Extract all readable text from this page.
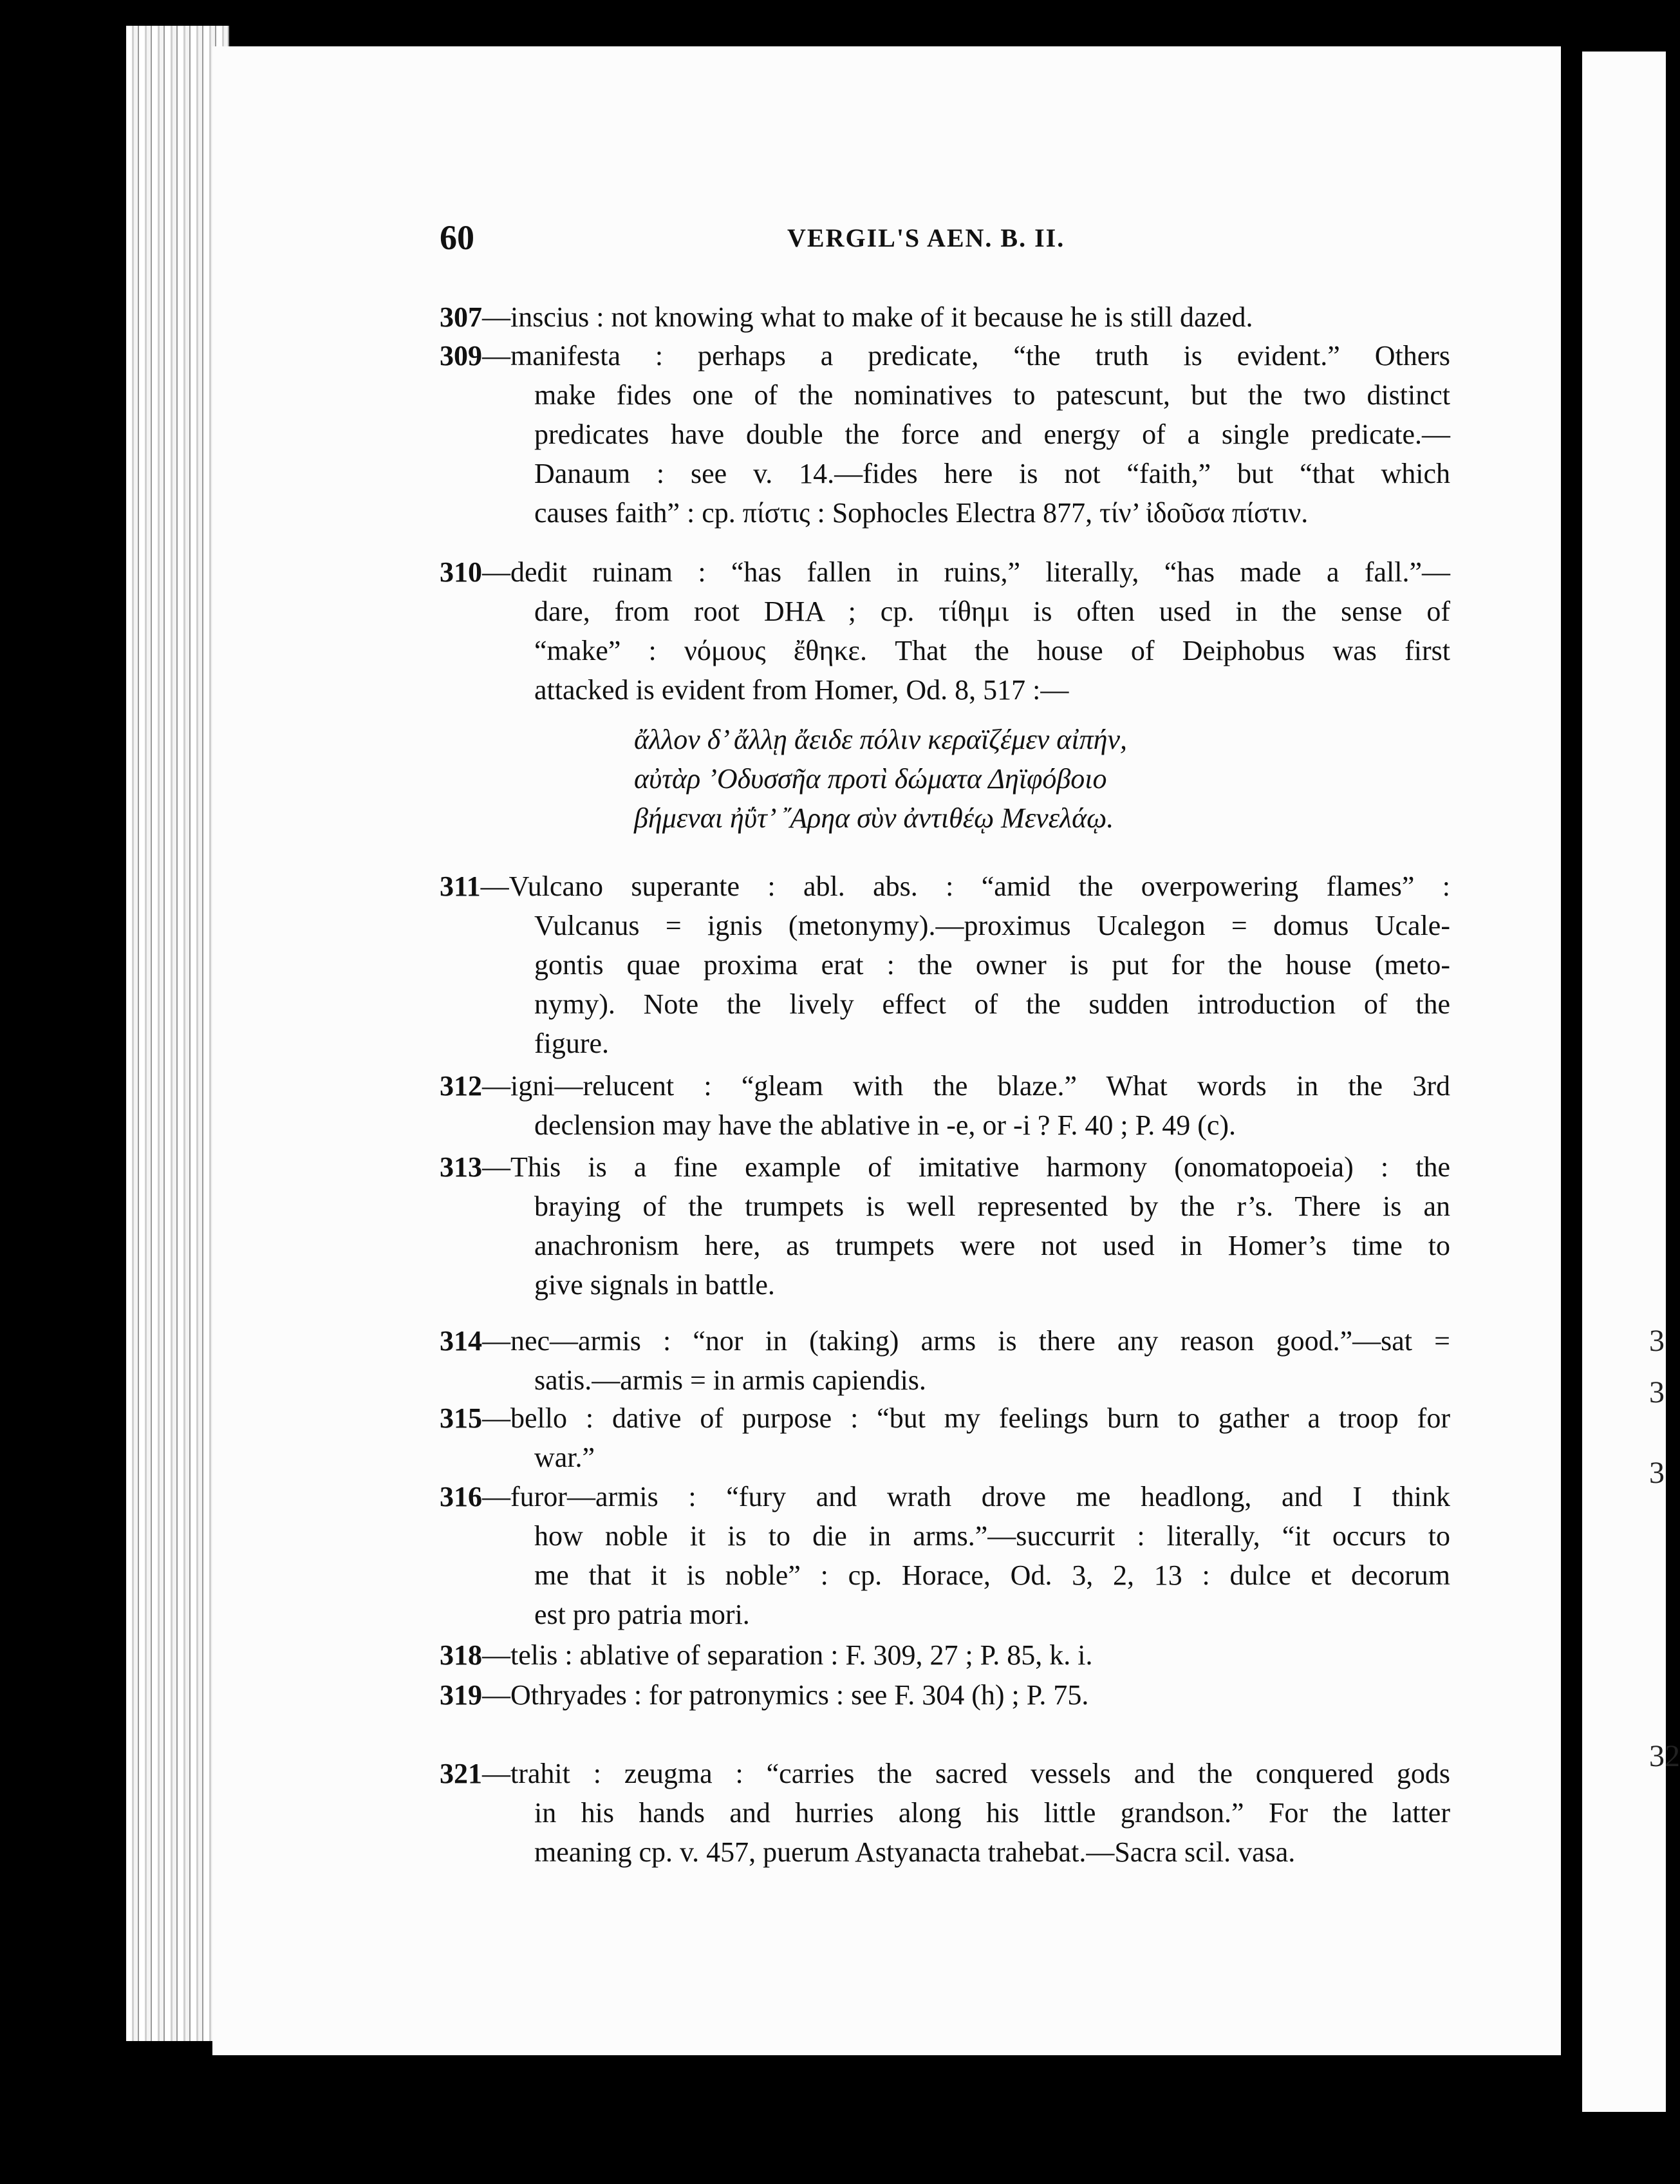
60	VERGIL'S AEN. B. II.
307—inscius : not knowing what to make of it because he is still dazed.
309—manifesta : perhaps a predicate, “the truth is evident.” Others
make fides one of the nominatives to patescunt, but the two distinct
predicates have double the force and energy of a single predicate.—
Danaum : see v. 14.—fides here is not “faith,” but “that which
causes faith” : cp. πίστις : Sophocles Electra 877, τίν’ ἰδοῦσα πίστιν.
310—dedit ruinam : “has fallen in ruins,” literally, “has made a fall.”—
dare, from root DHA ; cp. τίθημι is often used in the sense of
“make” : νόμους ἔθηκε. That the house of Deiphobus was first
attacked is evident from Homer, Od. 8, 517 :—
311—Vulcano superante : abl. abs. : “amid the overpowering flames” :
Vulcanus = ignis (metonymy).—proximus Ucalegon = domus Ucale-
gontis quae proxima erat : the owner is put for the house (meto-
nymy). Note the lively effect of the sudden introduction of the
figure.
312—igni—relucent : “gleam with the blaze.” What words in the 3rd
declension may have the ablative in -e, or -i ? F. 40 ; P. 49 (c).
313—This is a fine example of imitative harmony (onomatopoeia) : the
braying of the trumpets is well represented by the r’s. There is an
anachronism here, as trumpets were not used in Homer’s time to
give signals in battle.
314—nec—armis : “nor in (taking) arms is there any reason good.”—sat =
satis.—armis = in armis capiendis.
315—bello : dative of purpose : “but my feelings burn to gather a troop for
war.”
316—furor—armis : “fury and wrath drove me headlong, and I think
how noble it is to die in arms.”—succurrit : literally, “it occurs to
me that it is noble” : cp. Horace, Od. 3, 2, 13 : dulce et decorum
est pro patria mori.
318—telis : ablative of separation : F. 309, 27 ; P. 85, k. i.
319—Othryades : for patronymics : see F. 304 (h) ; P. 75.
321—trahit : zeugma : “carries the sacred vessels and the conquered gods
in his hands and hurries along his little grandson.” For the latter
meaning cp. v. 457, puerum Astyanacta trahebat.—Sacra scil. vasa.
ἄλλον δ’ ἄλλῃ ἄειδε πόλιν κεραϊζέμεν αἰπήν,
αὐτὰρ ’Οδυσσῆα προτὶ δώματα Δηϊφόβοιο
βήμεναι ἠΰτ’ ῎Αρηα σὺν ἀντιθέῳ Μενελάῳ.
3
3
3
32
